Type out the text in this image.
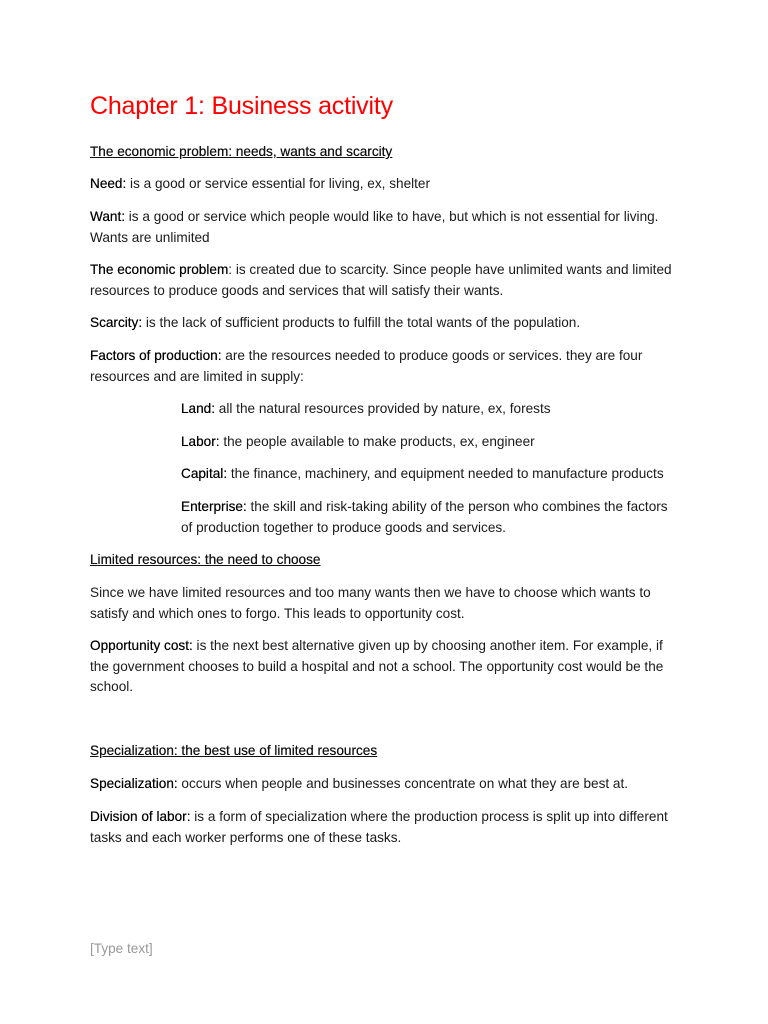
Chapter 1: Business activity

The economic problem: needs, wants and scarcity

Need: is a good or service essential for living, ex, shelter

Want: is a good or service which people would like to have, but which is not essential for living. Wants are unlimited

The economic problem: is created due to scarcity. Since people have unlimited wants and limited resources to produce goods and services that will satisfy their wants.

Scarcity: is the lack of sufficient products to fulfill the total wants of the population.

Factors of production: are the resources needed to produce goods or services. they are four resources and are limited in supply:

Land: all the natural resources provided by nature, ex, forests

Labor: the people available to make products, ex, engineer

Capital: the finance, machinery, and equipment needed to manufacture products

Enterprise: the skill and risk-taking ability of the person who combines the factors of production together to produce goods and services.

Limited resources: the need to choose

Since we have limited resources and too many wants then we have to choose which wants to satisfy and which ones to forgo. This leads to opportunity cost.

Opportunity cost: is the next best alternative given up by choosing another item. For example, if the government chooses to build a hospital and not a school. The opportunity cost would be the school.

Specialization: the best use of limited resources

Specialization: occurs when people and businesses concentrate on what they are best at.

Division of labor: is a form of specialization where the production process is split up into different tasks and each worker performs one of these tasks.

[Type text]
